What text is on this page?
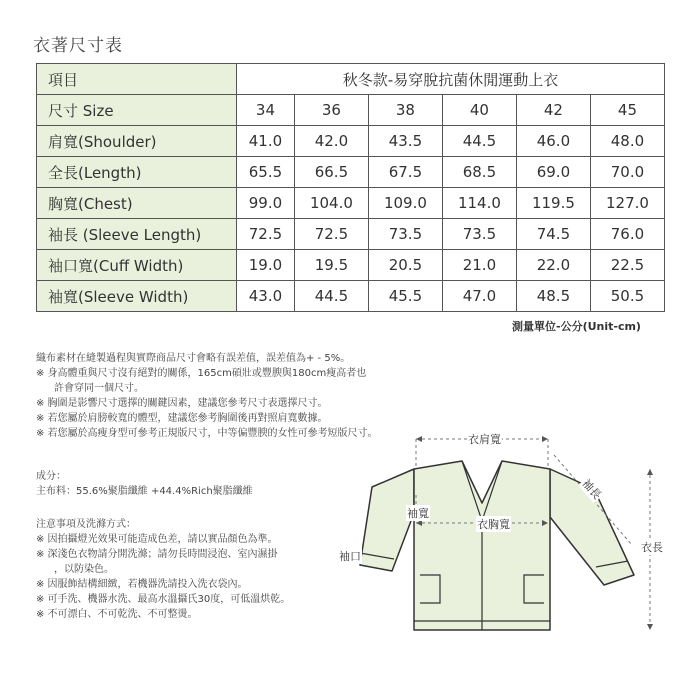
衣著尺寸表
項目	秋冬款-易穿脫抗菌休閒運動上衣					
尺寸 Size	34	36	38	40	42	45
肩寬(Shoulder)	41.0	42.0	43.5	44.5	46.0	48.0
全長(Length)	65.5	66.5	67.5	68.5	69.0	70.0
胸寬(Chest)	99.0	104.0	109.0	114.0	119.5	127.0
袖長 (Sleeve Length)	72.5	72.5	73.5	73.5	74.5	76.0
袖口寬(Cuff Width)	19.0	19.5	20.5	21.0	22.0	22.5
袖寬(Sleeve Width)	43.0	44.5	45.5	47.0	48.5	50.5
測量單位-公分(Unit-cm)

織布素材在縫製過程與實際商品尺寸會略有誤差值，誤差值為+ - 5%。

※ 身高體重與尺寸沒有絕對的關係，165cm碩壯或豐腴與180cm瘦高者也

許會穿同一個尺寸。

※ 胸圍是影響尺寸選擇的關鍵因素，建議您參考尺寸表選擇尺寸。

※ 若您屬於肩膀較寬的體型，建議您參考胸圍後再對照肩寬數據。

※ 若您屬於高瘦身型可參考正規版尺寸，中等偏豐腴的女性可參考短版尺寸。

成分：

主布料：55.6%聚脂纖維 +44.4%Rich聚脂纖維

注意事項及洗滌方式：

※ 因拍攝燈光效果可能造成色差，請以實品顏色為準。

※ 深淺色衣物請分開洗滌；請勿長時間浸泡、室內濕掛

，以防染色。

※ 因服飾結構細緻，若機器洗請投入洗衣袋內。

※ 可手洗、機器水洗、最高水溫攝氏30度，可低溫烘乾。

※ 不可漂白、不可乾洗、不可整燙。

衣肩寬
袖長
袖寬
衣胸寬
衣長
袖口
